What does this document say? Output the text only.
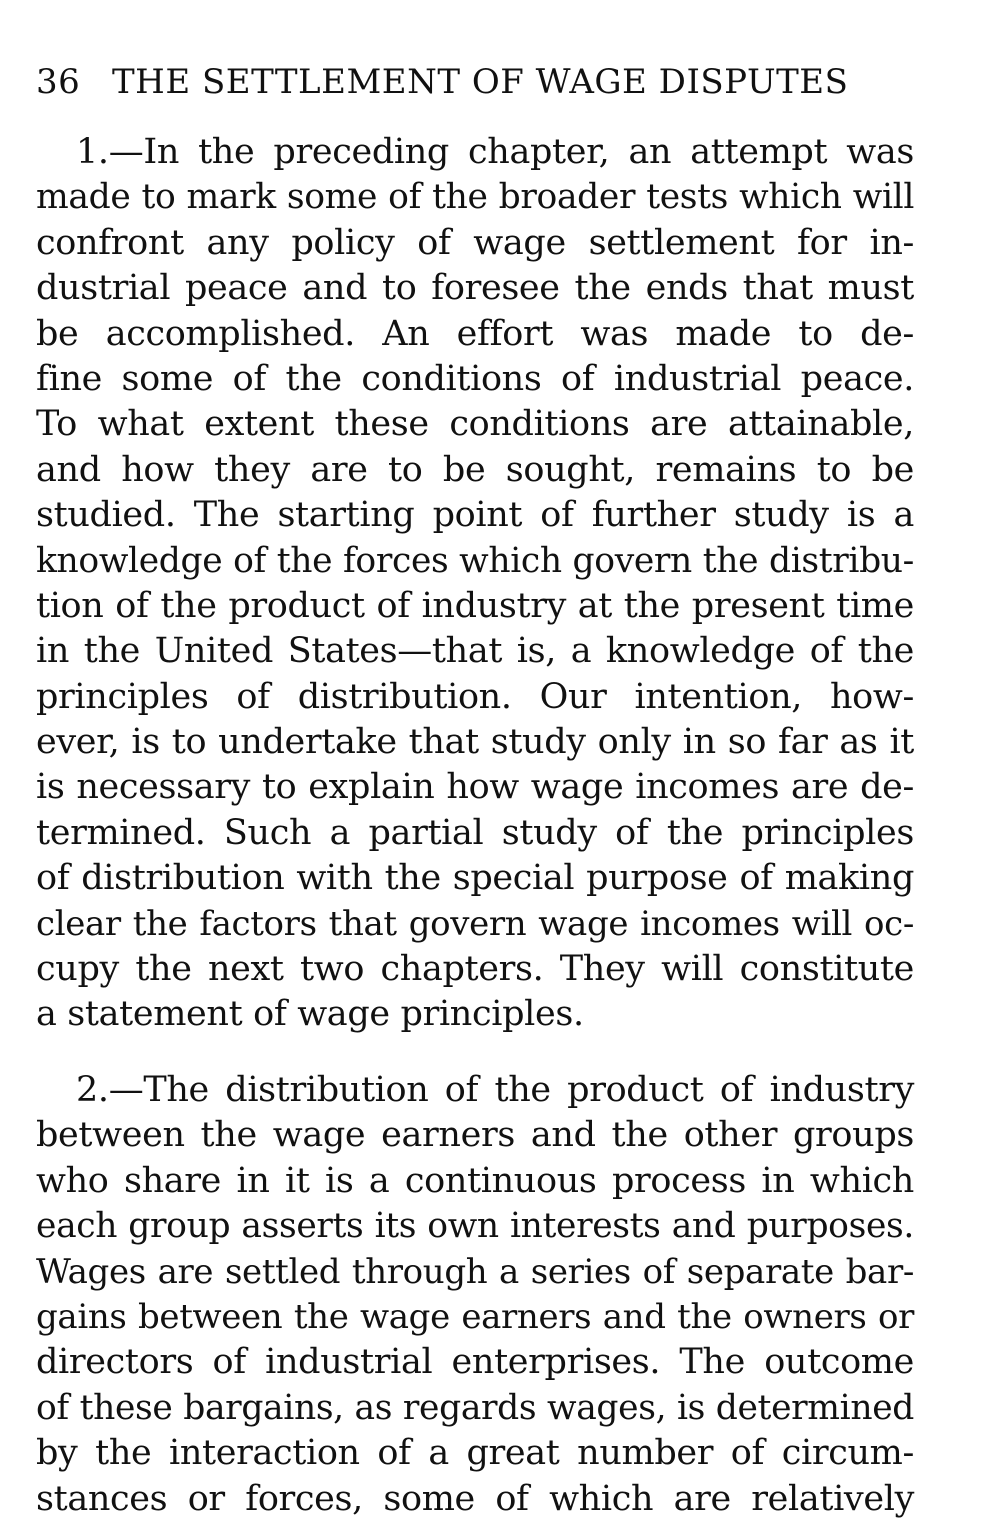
36 THE SETTLEMENT OF WAGE DISPUTES
1.—In the preceding chapter, an attempt was
made to mark some of the broader tests which will
confront any policy of wage settlement for in-
dustrial peace and to foresee the ends that must
be accomplished. An effort was made to de-
fine some of the conditions of industrial peace.
To what extent these conditions are attainable,
and how they are to be sought, remains to be
studied. The starting point of further study is a
knowledge of the forces which govern the distribu-
tion of the product of industry at the present time
in the United States—that is, a knowledge of the
principles of distribution. Our intention, how-
ever, is to undertake that study only in so far as it
is necessary to explain how wage incomes are de-
termined. Such a partial study of the principles
of distribution with the special purpose of making
clear the factors that govern wage incomes will oc-
cupy the next two chapters. They will constitute
a statement of wage principles.
2.—The distribution of the product of industry
between the wage earners and the other groups
who share in it is a continuous process in which
each group asserts its own interests and purposes.
Wages are settled through a series of separate bar-
gains between the wage earners and the owners or
directors of industrial enterprises. The outcome
of these bargains, as regards wages, is determined
by the interaction of a great number of circum-
stances or forces, some of which are relatively
